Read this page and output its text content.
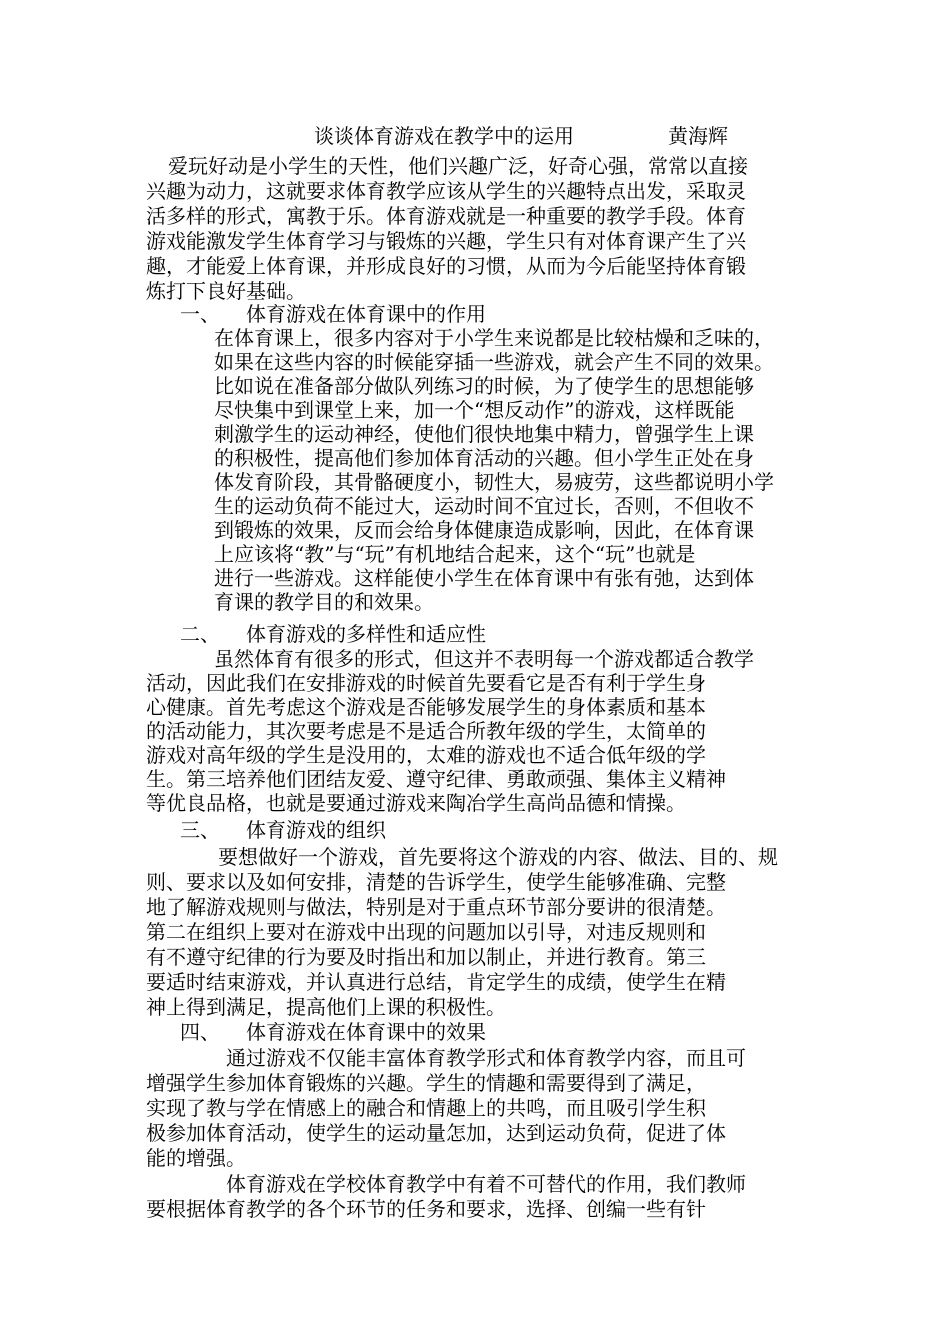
谈谈体育游戏在教学中的运用	黄海辉
爱玩好动是小学生的天性，他们兴趣广泛，好奇心强，常常以直接
兴趣为动力，这就要求体育教学应该从学生的兴趣特点出发，采取灵
活多样的形式，寓教于乐。体育游戏就是一种重要的教学手段。体育
游戏能激发学生体育学习与锻炼的兴趣，学生只有对体育课产生了兴
趣，才能爱上体育课，并形成良好的习惯，从而为今后能坚持体育锻
炼打下良好基础。
一、 体育游戏在体育课中的作用
在体育课上，很多内容对于小学生来说都是比较枯燥和乏味的，
如果在这些内容的时候能穿插一些游戏，就会产生不同的效果。
比如说在准备部分做队列练习的时候，为了使学生的思想能够
尽快集中到课堂上来，加一个“想反动作”的游戏，这样既能
刺激学生的运动神经，使他们很快地集中精力，曾强学生上课
的积极性，提高他们参加体育活动的兴趣。但小学生正处在身
体发育阶段，其骨骼硬度小，韧性大，易疲劳，这些都说明小学
生的运动负荷不能过大，运动时间不宜过长，否则，不但收不
到锻炼的效果，反而会给身体健康造成影响，因此，在体育课
上应该将“教”与“玩”有机地结合起来，这个“玩”也就是
进行一些游戏。这样能使小学生在体育课中有张有弛，达到体
育课的教学目的和效果。
二、 体育游戏的多样性和适应性
虽然体育有很多的形式，但这并不表明每一个游戏都适合教学
活动，因此我们在安排游戏的时候首先要看它是否有利于学生身
心健康。首先考虑这个游戏是否能够发展学生的身体素质和基本
的活动能力，其次要考虑是不是适合所教年级的学生，太简单的
游戏对高年级的学生是没用的，太难的游戏也不适合低年级的学
生。第三培养他们团结友爱、遵守纪律、勇敢顽强、集体主义精神
等优良品格，也就是要通过游戏来陶冶学生高尚品德和情操。
三、 体育游戏的组织
要想做好一个游戏，首先要将这个游戏的内容、做法、目的、规
则、要求以及如何安排，清楚的告诉学生，使学生能够准确、完整
地了解游戏规则与做法，特别是对于重点环节部分要讲的很清楚。
第二在组织上要对在游戏中出现的问题加以引导，对违反规则和
有不遵守纪律的行为要及时指出和加以制止，并进行教育。第三
要适时结束游戏，并认真进行总结，肯定学生的成绩，使学生在精
神上得到满足，提高他们上课的积极性。
四、 体育游戏在体育课中的效果
通过游戏不仅能丰富体育教学形式和体育教学内容，而且可
增强学生参加体育锻炼的兴趣。学生的情趣和需要得到了满足，
实现了教与学在情感上的融合和情趣上的共鸣，而且吸引学生积
极参加体育活动，使学生的运动量怎加，达到运动负荷，促进了体
能的增强。
体育游戏在学校体育教学中有着不可替代的作用，我们教师
要根据体育教学的各个环节的任务和要求，选择、创编一些有针
